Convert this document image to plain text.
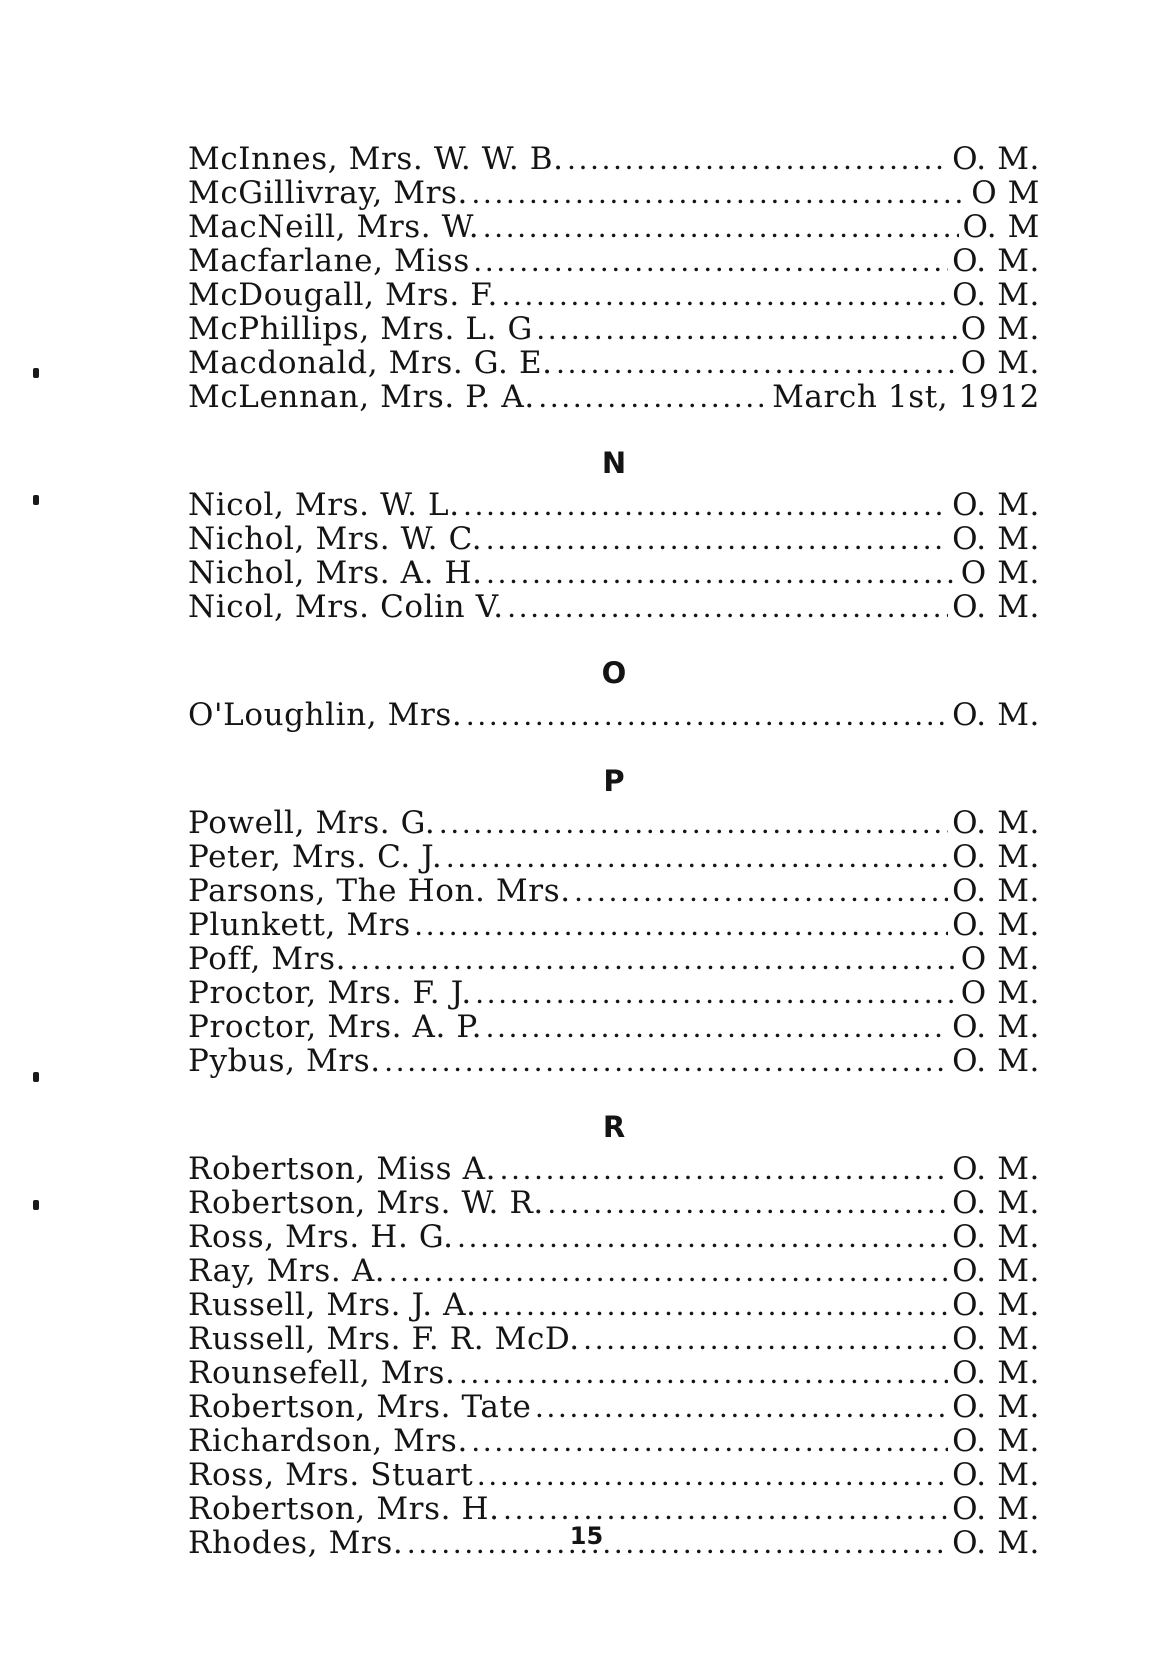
McInnes, Mrs. W. W. B. . . .	O. M.
McGillivray, Mrs. . . .	O M
MacNeill, Mrs. W. . . .	O. M
Macfarlane, Miss . . .	O. M.
McDougall, Mrs. F. . . .	O. M.
McPhillips, Mrs. L. G . . .	O M.
Macdonald, Mrs. G. E. . . .	O M.
McLennan, Mrs. P. A. . . .	March 1st, 1912
N
Nicol, Mrs. W. L. . . .	O. M.
Nichol, Mrs. W. C. . . .	O. M.
Nichol, Mrs. A. H. . . .	O M.
Nicol, Mrs. Colin V. . . .	O. M.
O
O'Loughlin, Mrs. . . .	O. M.
P
Powell, Mrs. G. . . .	O. M.
Peter, Mrs. C. J. . . .	O. M.
Parsons, The Hon. Mrs. . . .	O. M.
Plunkett, Mrs . . .	O. M.
Poff, Mrs. . . .	O M.
Proctor, Mrs. F. J. . . .	O M.
Proctor, Mrs. A. P. . . .	O. M.
Pybus, Mrs. . . .	O. M.
R
Robertson, Miss A. . . .	O. M.
Robertson, Mrs. W. R. . . .	O. M.
Ross, Mrs. H. G. . . .	O. M.
Ray, Mrs. A. . . .	O. M.
Russell, Mrs. J. A. . . .	O. M.
Russell, Mrs. F. R. McD. . . .	O. M.
Rounsefell, Mrs. . . .	O. M.
Robertson, Mrs. Tate . . .	O. M.
Richardson, Mrs. . . .	O. M.
Ross, Mrs. Stuart . . .	O. M.
Robertson, Mrs. H. . . .	O. M.
Rhodes, Mrs. . . .	O. M.
15
